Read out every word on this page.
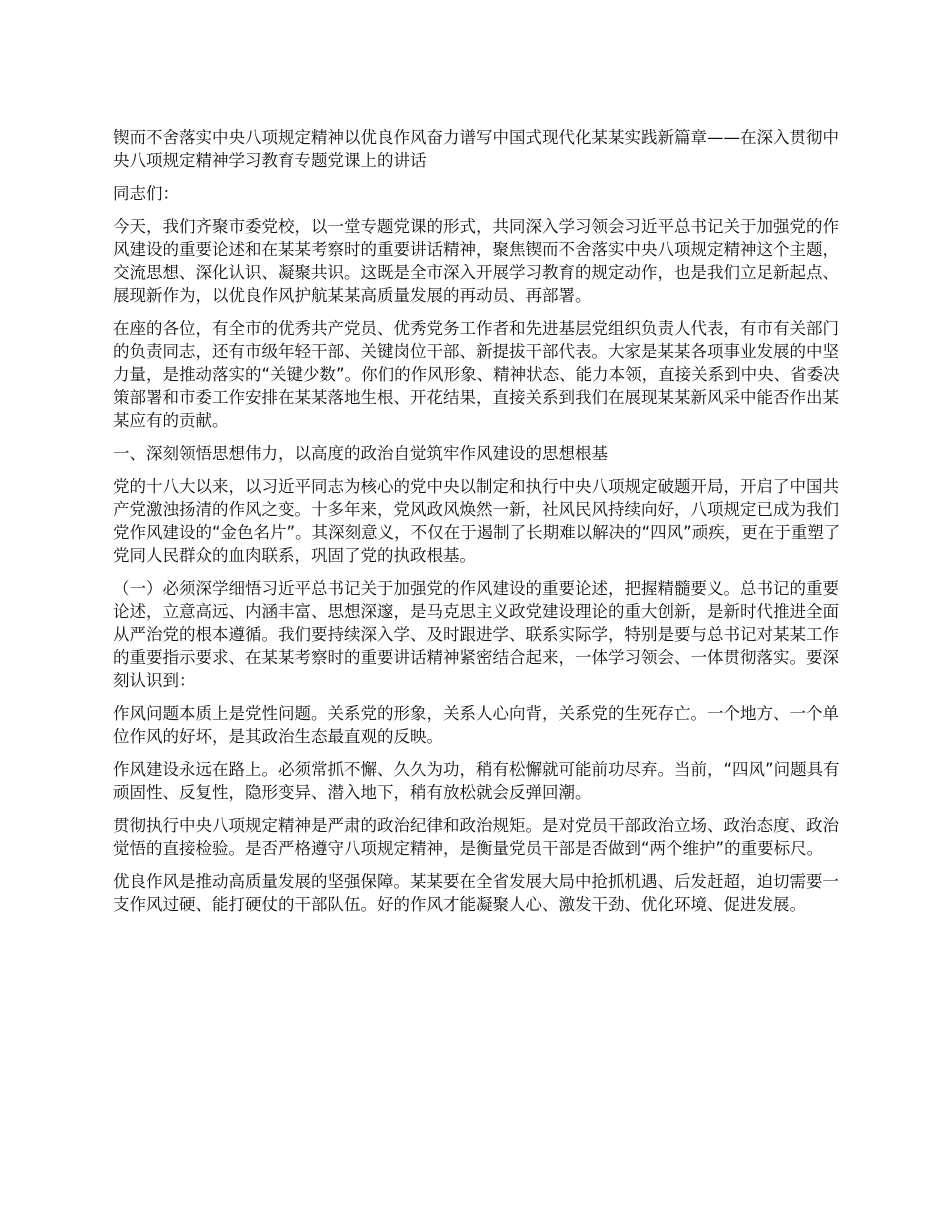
锲而不舍落实中央八项规定精神以优良作风奋力谱写中国式现代化某某实践新篇章——在深入贯彻中央八项规定精神学习教育专题党课上的讲话

同志们：

今天，我们齐聚市委党校，以一堂专题党课的形式，共同深入学习领会习近平总书记关于加强党的作风建设的重要论述和在某某考察时的重要讲话精神，聚焦锲而不舍落实中央八项规定精神这个主题，交流思想、深化认识、凝聚共识。这既是全市深入开展学习教育的规定动作，也是我们立足新起点、展现新作为，以优良作风护航某某高质量发展的再动员、再部署。

在座的各位，有全市的优秀共产党员、优秀党务工作者和先进基层党组织负责人代表，有市有关部门的负责同志，还有市级年轻干部、关键岗位干部、新提拔干部代表。大家是某某各项事业发展的中坚力量，是推动落实的“关键少数”。你们的作风形象、精神状态、能力本领，直接关系到中央、省委决策部署和市委工作安排在某某落地生根、开花结果，直接关系到我们在展现某某新风采中能否作出某某应有的贡献。

一、深刻领悟思想伟力，以高度的政治自觉筑牢作风建设的思想根基

党的十八大以来，以习近平同志为核心的党中央以制定和执行中央八项规定破题开局，开启了中国共产党激浊扬清的作风之变。十多年来，党风政风焕然一新，社风民风持续向好，八项规定已成为我们党作风建设的“金色名片”。其深刻意义，不仅在于遏制了长期难以解决的“四风”顽疾，更在于重塑了党同人民群众的血肉联系，巩固了党的执政根基。

（一）必须深学细悟习近平总书记关于加强党的作风建设的重要论述，把握精髓要义。总书记的重要论述，立意高远、内涵丰富、思想深邃，是马克思主义政党建设理论的重大创新，是新时代推进全面从严治党的根本遵循。我们要持续深入学、及时跟进学、联系实际学，特别是要与总书记对某某工作的重要指示要求、在某某考察时的重要讲话精神紧密结合起来，一体学习领会、一体贯彻落实。要深刻认识到：

作风问题本质上是党性问题。关系党的形象，关系人心向背，关系党的生死存亡。一个地方、一个单位作风的好坏，是其政治生态最直观的反映。

作风建设永远在路上。必须常抓不懈、久久为功，稍有松懈就可能前功尽弃。当前，“四风”问题具有顽固性、反复性，隐形变异、潜入地下，稍有放松就会反弹回潮。

贯彻执行中央八项规定精神是严肃的政治纪律和政治规矩。是对党员干部政治立场、政治态度、政治觉悟的直接检验。是否严格遵守八项规定精神，是衡量党员干部是否做到“两个维护”的重要标尺。

优良作风是推动高质量发展的坚强保障。某某要在全省发展大局中抢抓机遇、后发赶超，迫切需要一支作风过硬、能打硬仗的干部队伍。好的作风才能凝聚人心、激发干劲、优化环境、促进发展。
